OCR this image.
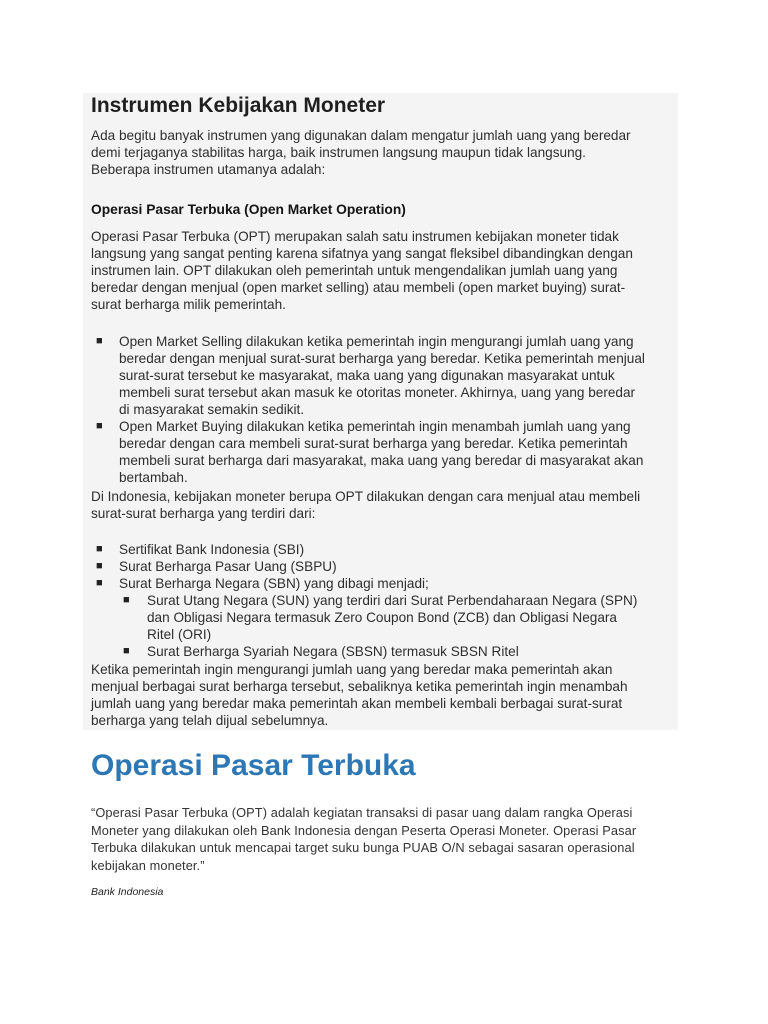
Instrumen Kebijakan Moneter
Ada begitu banyak instrumen yang digunakan dalam mengatur jumlah uang yang beredar
demi terjaganya stabilitas harga, baik instrumen langsung maupun tidak langsung.
Beberapa instrumen utamanya adalah:
Operasi Pasar Terbuka (Open Market Operation)
Operasi Pasar Terbuka (OPT) merupakan salah satu instrumen kebijakan moneter tidak
langsung yang sangat penting karena sifatnya yang sangat fleksibel dibandingkan dengan
instrumen lain. OPT dilakukan oleh pemerintah untuk mengendalikan jumlah uang yang
beredar dengan menjual (open market selling) atau membeli (open market buying) surat-
surat berharga milik pemerintah.
■ Open Market Selling dilakukan ketika pemerintah ingin mengurangi jumlah uang yang
beredar dengan menjual surat-surat berharga yang beredar. Ketika pemerintah menjual
surat-surat tersebut ke masyarakat, maka uang yang digunakan masyarakat untuk
membeli surat tersebut akan masuk ke otoritas moneter. Akhirnya, uang yang beredar
di masyarakat semakin sedikit.
■ Open Market Buying dilakukan ketika pemerintah ingin menambah jumlah uang yang
beredar dengan cara membeli surat-surat berharga yang beredar. Ketika pemerintah
membeli surat berharga dari masyarakat, maka uang yang beredar di masyarakat akan
bertambah.
Di Indonesia, kebijakan moneter berupa OPT dilakukan dengan cara menjual atau membeli
surat-surat berharga yang terdiri dari:
■ Sertifikat Bank Indonesia (SBI)
■ Surat Berharga Pasar Uang (SBPU)
■ Surat Berharga Negara (SBN) yang dibagi menjadi;
■ Surat Utang Negara (SUN) yang terdiri dari Surat Perbendaharaan Negara (SPN)
dan Obligasi Negara termasuk Zero Coupon Bond (ZCB) dan Obligasi Negara
Ritel (ORI)
■ Surat Berharga Syariah Negara (SBSN) termasuk SBSN Ritel
Ketika pemerintah ingin mengurangi jumlah uang yang beredar maka pemerintah akan
menjual berbagai surat berharga tersebut, sebaliknya ketika pemerintah ingin menambah
jumlah uang yang beredar maka pemerintah akan membeli kembali berbagai surat-surat
berharga yang telah dijual sebelumnya.
Operasi Pasar Terbuka
“Operasi Pasar Terbuka (OPT) adalah kegiatan transaksi di pasar uang dalam rangka Operasi
Moneter yang dilakukan oleh Bank Indonesia dengan Peserta Operasi Moneter. Operasi Pasar
Terbuka dilakukan untuk mencapai target suku bunga PUAB O/N sebagai sasaran operasional
kebijakan moneter.”
Bank Indonesia
